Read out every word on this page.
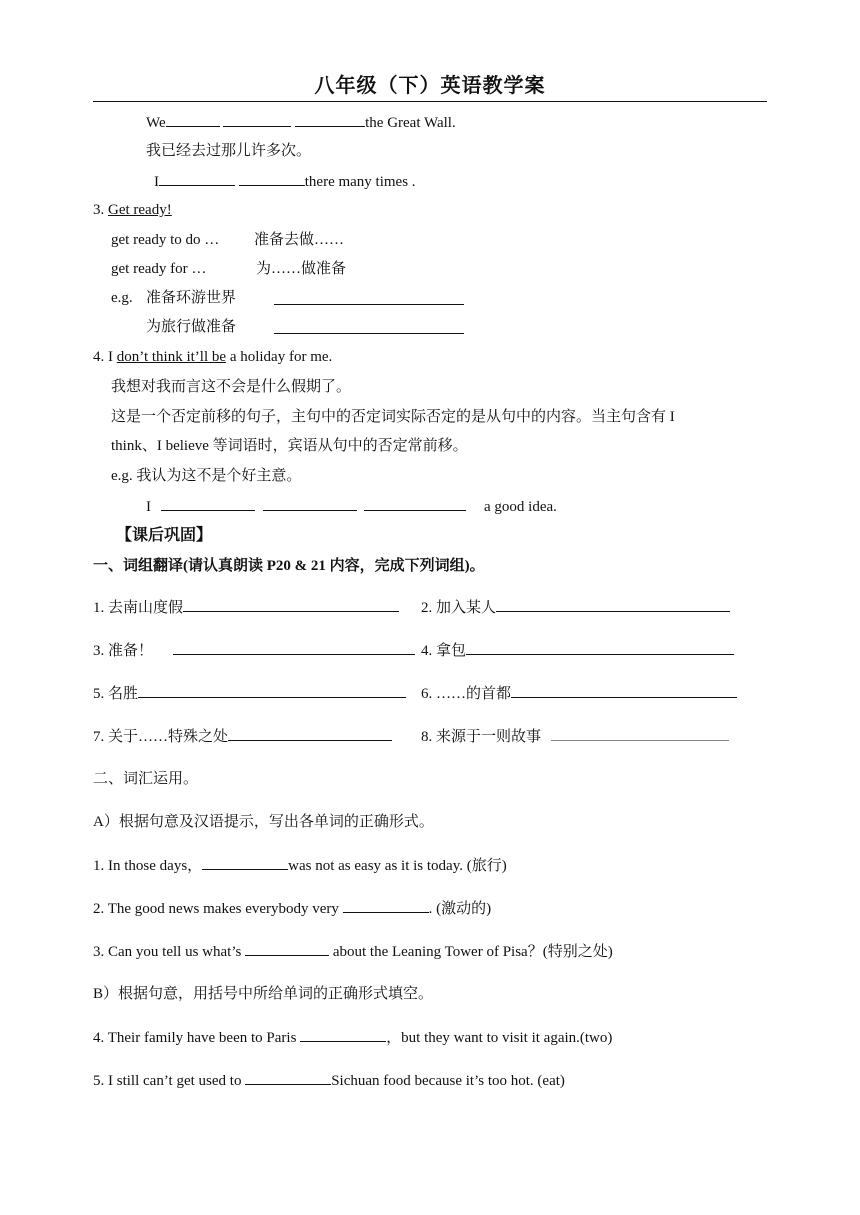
八年级（下）英语教学案
We	the Great Wall.
我已经去过那儿许多次。
I	there many times .
3. Get ready!
get ready to do … 准备去做……
get ready for …	为……做准备
e.g. 准备环游世界
为旅行做准备
4. I don’t think it’ll be a holiday for me.
我想对我而言这不会是什么假期了。
这是一个否定前移的句子，主句中的否定词实际否定的是从句中的内容。当主句含有 I
think、I believe 等词语时，宾语从句中的否定常前移。
e.g. 我认为这不是个好主意。
I	a good idea.
【课后巩固】
一、词组翻译(请认真朗读 P20 & 21 内容，完成下列词组)。
1. 去南山度假	2. 加入某人
3. 准备！	4. 拿包
5. 名胜	6. ……的首都
7. 关于……特殊之处	8. 来源于一则故事
二、词汇运用。
A）根据句意及汉语提示，写出各单词的正确形式。
1. In those days，	was not as easy as it is today. (旅行)
2. The good news makes everybody very	. (激动的)
3. Can you tell us what’s	about the Leaning Tower of Pisa？(特别之处)
B）根据句意，用括号中所给单词的正确形式填空。
4. Their family have been to Paris	，but they want to visit it again.(two)
5. I still can’t get used to	Sichuan food because it’s too hot. (eat)
